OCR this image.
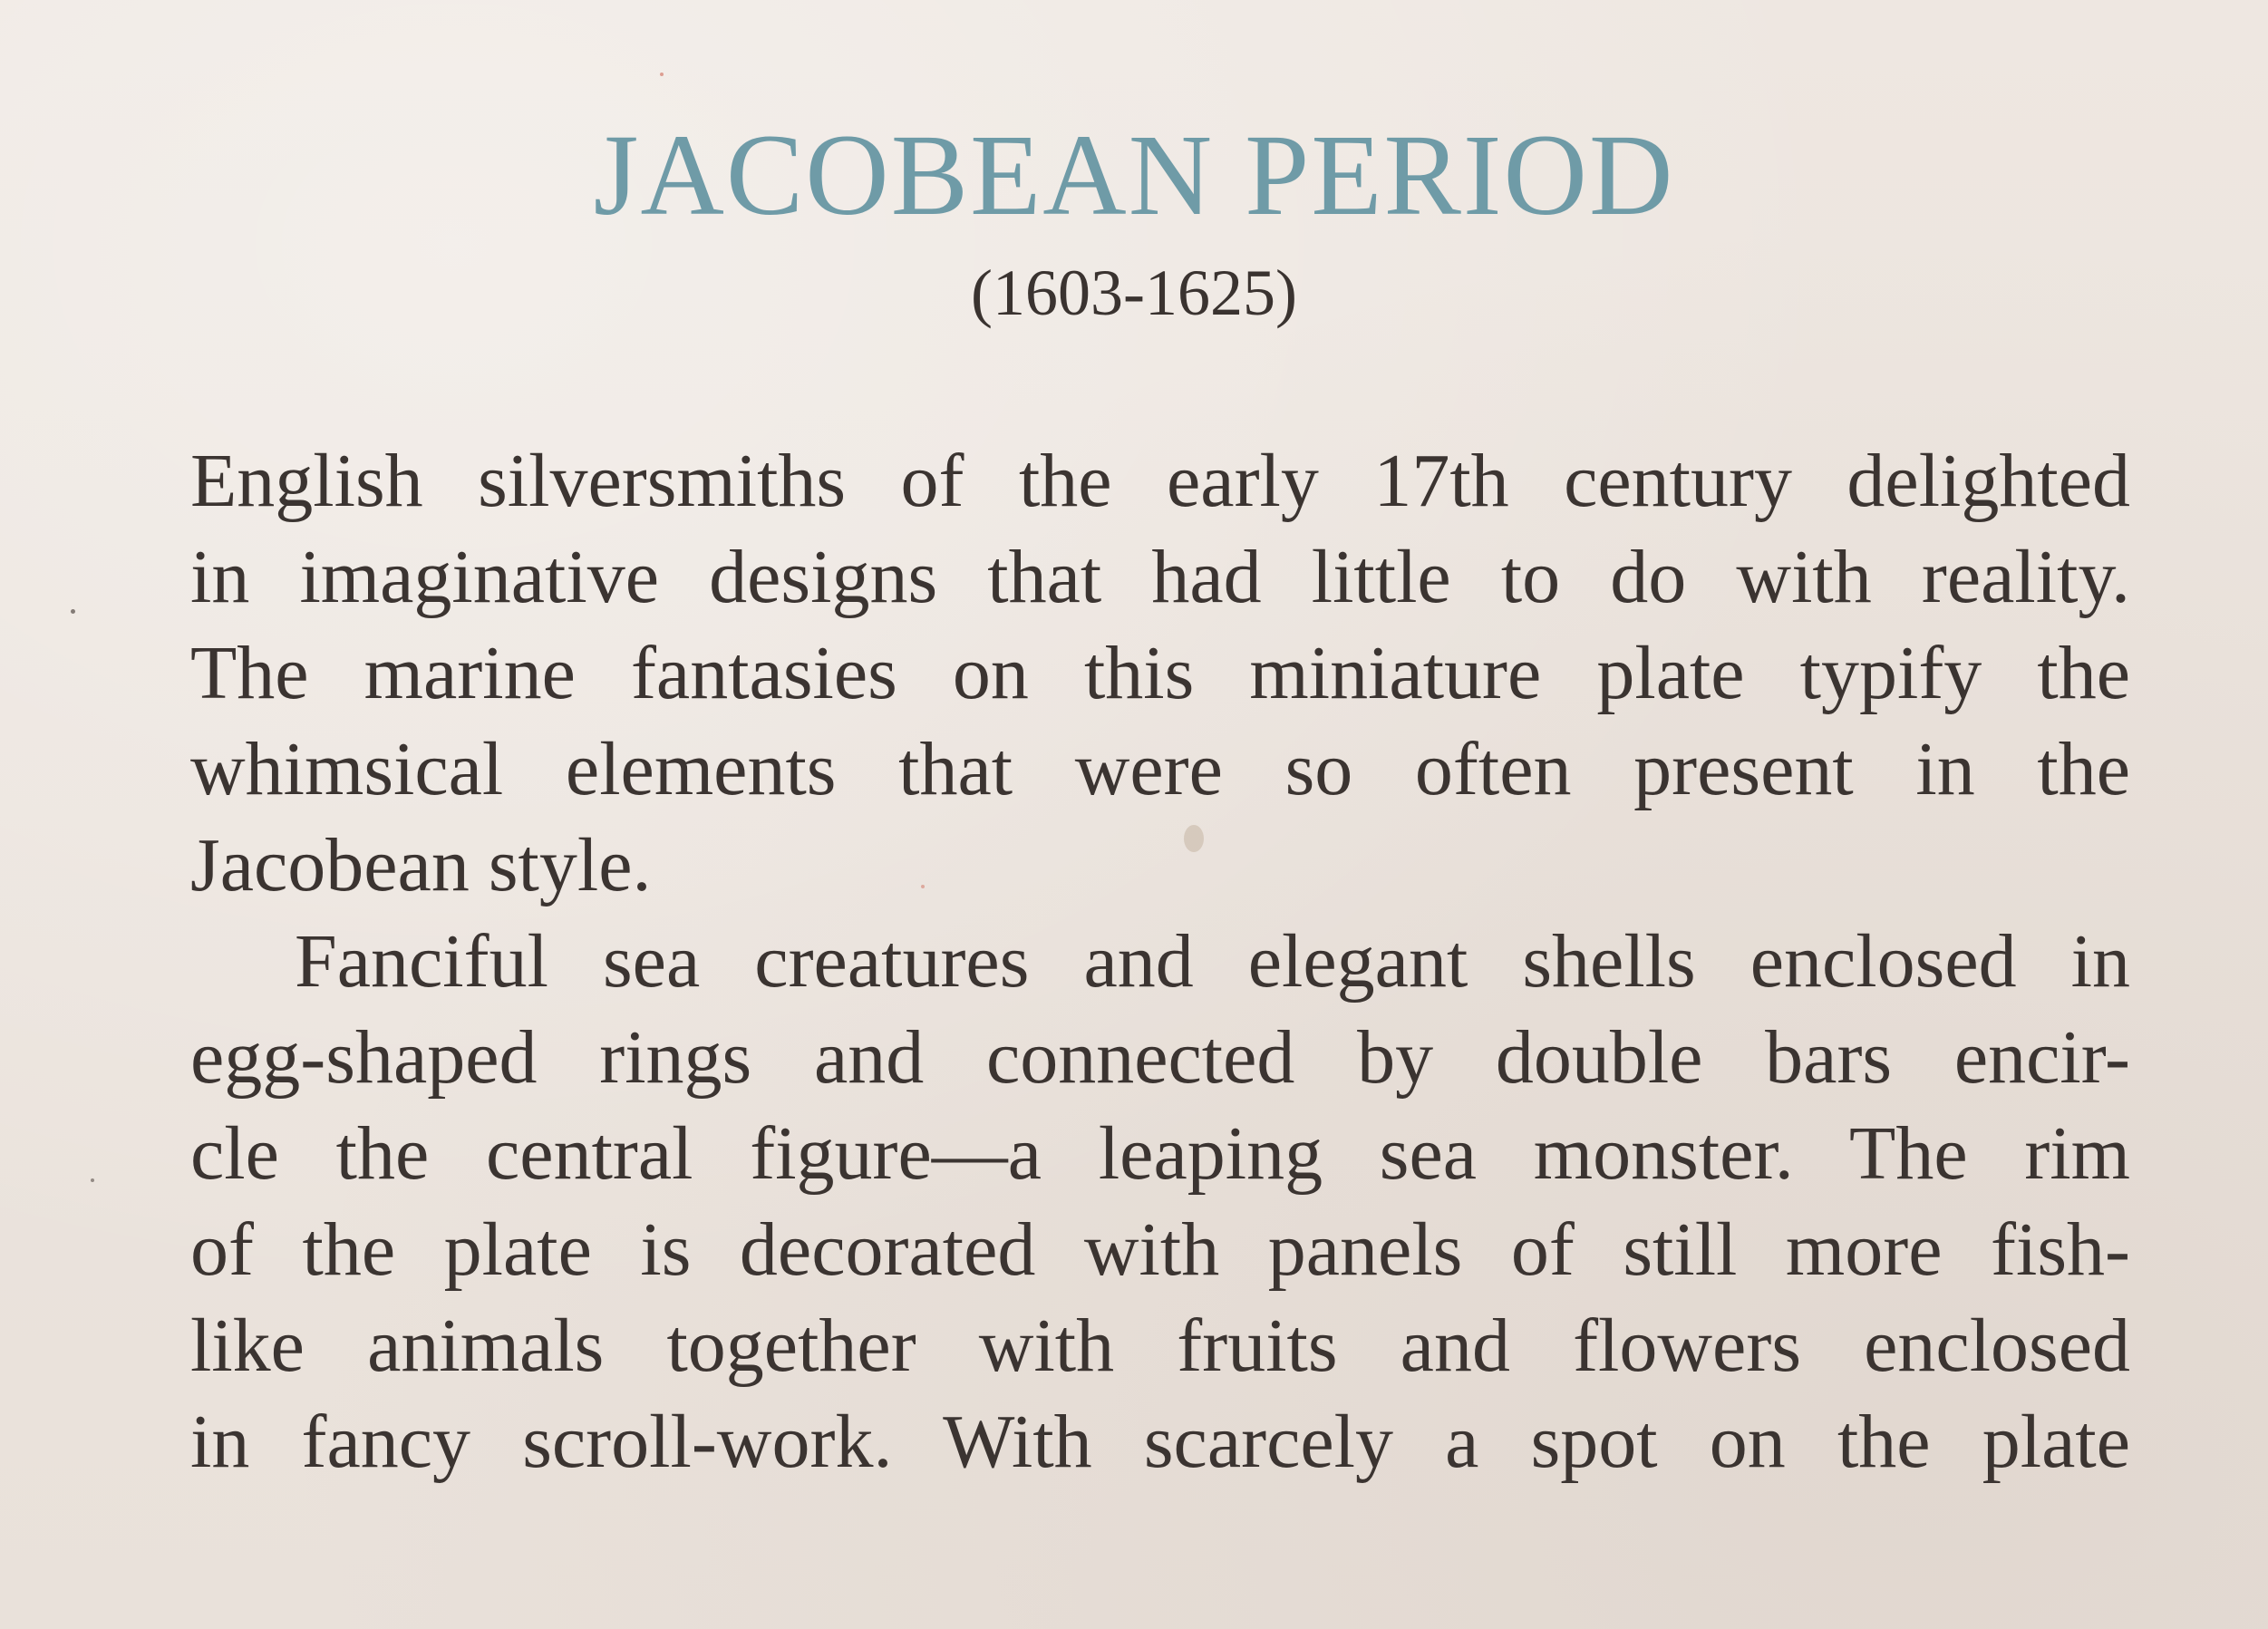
JACOBEAN PERIOD
(1603-1625)
English silversmiths of the early 17th century delighted
in imaginative designs that had little to do with reality.
The marine fantasies on this miniature plate typify the
whimsical elements that were so often present in the
Jacobean style.
Fanciful sea creatures and elegant shells enclosed in
egg-shaped rings and connected by double bars encir-
cle the central figure—a leaping sea monster. The rim
of the plate is decorated with panels of still more fish-
like animals together with fruits and flowers enclosed
in fancy scroll-work. With scarcely a spot on the plate
